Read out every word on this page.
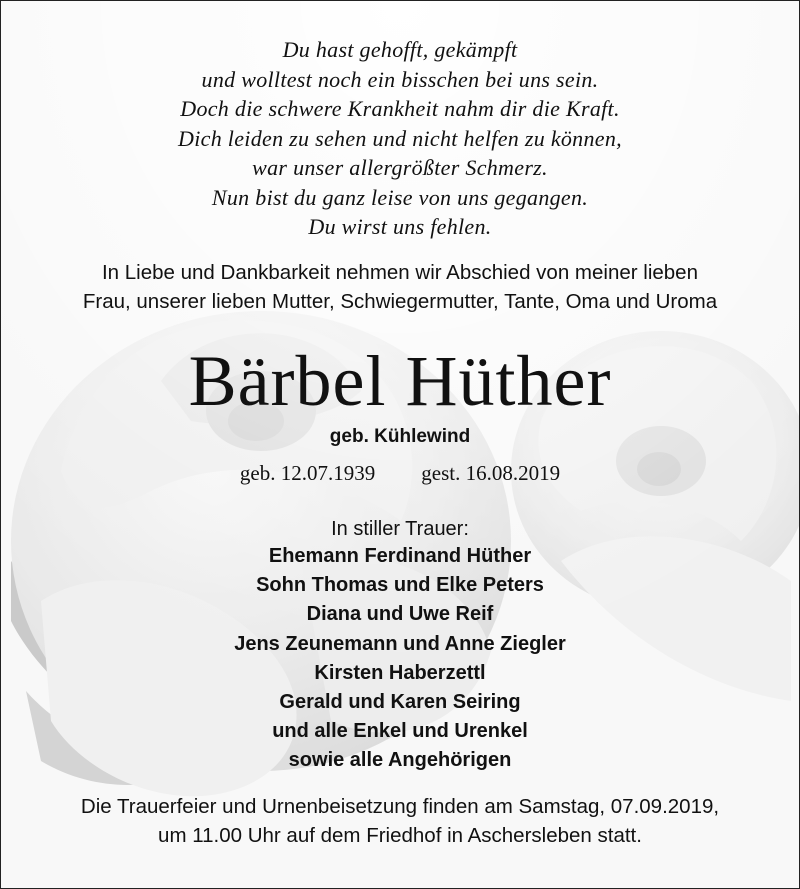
Du hast gehofft, gekämpft
und wolltest noch ein bisschen bei uns sein.
Doch die schwere Krankheit nahm dir die Kraft.
Dich leiden zu sehen und nicht helfen zu können,
war unser allergrößter Schmerz.
Nun bist du ganz leise von uns gegangen.
Du wirst uns fehlen.
In Liebe und Dankbarkeit nehmen wir Abschied von meiner lieben
Frau, unserer lieben Mutter, Schwiegermutter, Tante, Oma und Uroma
Bärbel Hüther
geb. Kühlewind
geb. 12.07.1939 gest. 16.08.2019
In stiller Trauer:
Ehemann Ferdinand Hüther
Sohn Thomas und Elke Peters
Diana und Uwe Reif
Jens Zeunemann und Anne Ziegler
Kirsten Haberzettl
Gerald und Karen Seiring
und alle Enkel und Urenkel
sowie alle Angehörigen
Die Trauerfeier und Urnenbeisetzung finden am Samstag, 07.09.2019,
um 11.00 Uhr auf dem Friedhof in Aschersleben statt.
